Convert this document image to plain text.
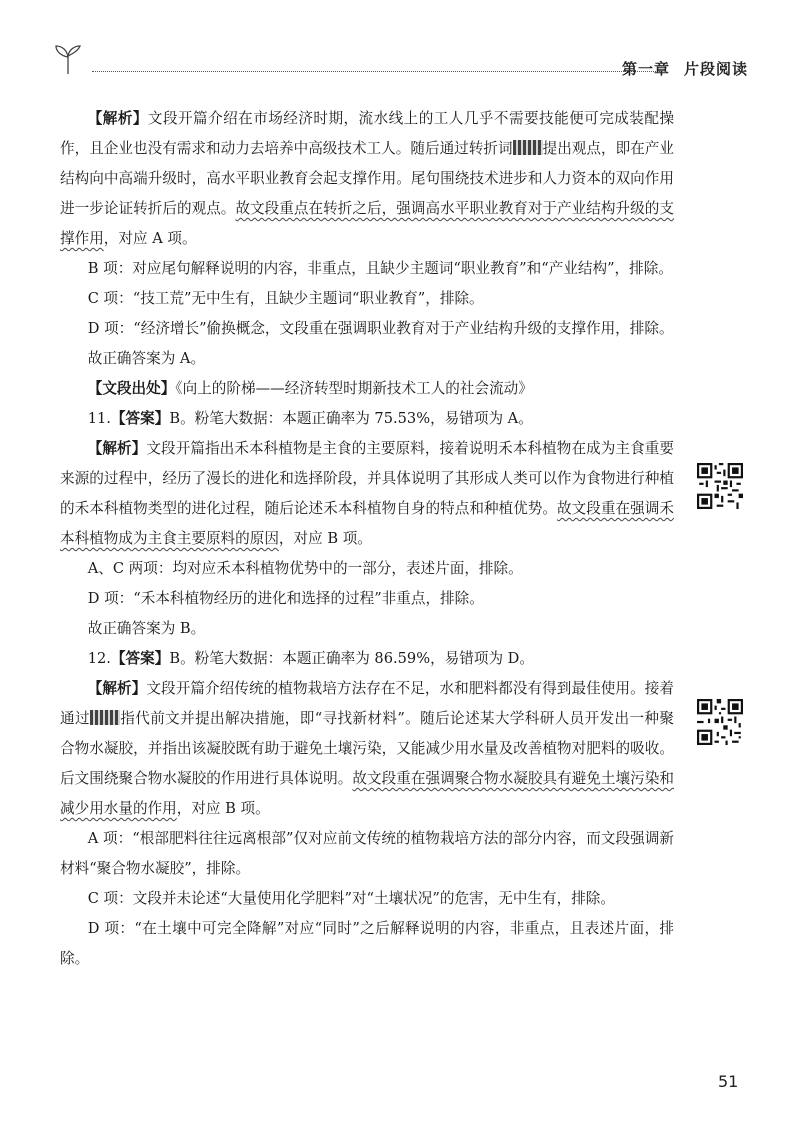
第一章 片段阅读

【解析】文段开篇介绍在市场经济时期，流水线上的工人几乎不需要技能便可完成装配操作，且企业也没有需求和动力去培养中高级技术工人。随后通过转折词 提出观点，即在产业结构向中高端升级时，高水平职业教育会起支撑作用。尾句围绕技术进步和人力资本的双向作用进一步论证转折后的观点。故文段重点在转折之后，强调高水平职业教育对于产业结构升级的支撑作用，对应 A 项。

B 项：对应尾句解释说明的内容，非重点，且缺少主题词“职业教育”和“产业结构”，排除。

C 项：“技工荒”无中生有，且缺少主题词“职业教育”，排除。

D 项：“经济增长”偷换概念，文段重在强调职业教育对于产业结构升级的支撑作用，排除。

故正确答案为 A。

【文段出处】《向上的阶梯——经济转型时期新技术工人的社会流动》

11.【答案】B。粉笔大数据：本题正确率为 75.53%，易错项为 A。

【解析】文段开篇指出禾本科植物是主食的主要原料，接着说明禾本科植物在成为主食重要来源的过程中，经历了漫长的进化和选择阶段，并具体说明了其形成人类可以作为食物进行种植的禾本科植物类型的进化过程，随后论述禾本科植物自身的特点和种植优势。故文段重在强调禾本科植物成为主食主要原料的原因，对应 B 项。

A、C 两项：均对应禾本科植物优势中的一部分，表述片面，排除。

D 项：“禾本科植物经历的进化和选择的过程”非重点，排除。

故正确答案为 B。

12.【答案】B。粉笔大数据：本题正确率为 86.59%，易错项为 D。

【解析】文段开篇介绍传统的植物栽培方法存在不足，水和肥料都没有得到最佳使用。接着通过 指代前文并提出解决措施，即“寻找新材料”。随后论述某大学科研人员开发出一种聚合物水凝胶，并指出该凝胶既有助于避免土壤污染，又能减少用水量及改善植物对肥料的吸收。后文围绕聚合物水凝胶的作用进行具体说明。故文段重在强调聚合物水凝胶具有避免土壤污染和减少用水量的作用，对应 B 项。

A 项：“根部肥料往往远离根部”仅对应前文传统的植物栽培方法的部分内容，而文段强调新材料“聚合物水凝胶”，排除。

C 项：文段并未论述“大量使用化学肥料”对“土壤状况”的危害，无中生有，排除。

D 项：“在土壤中可完全降解”对应“同时”之后解释说明的内容，非重点，且表述片面，排除。

51
